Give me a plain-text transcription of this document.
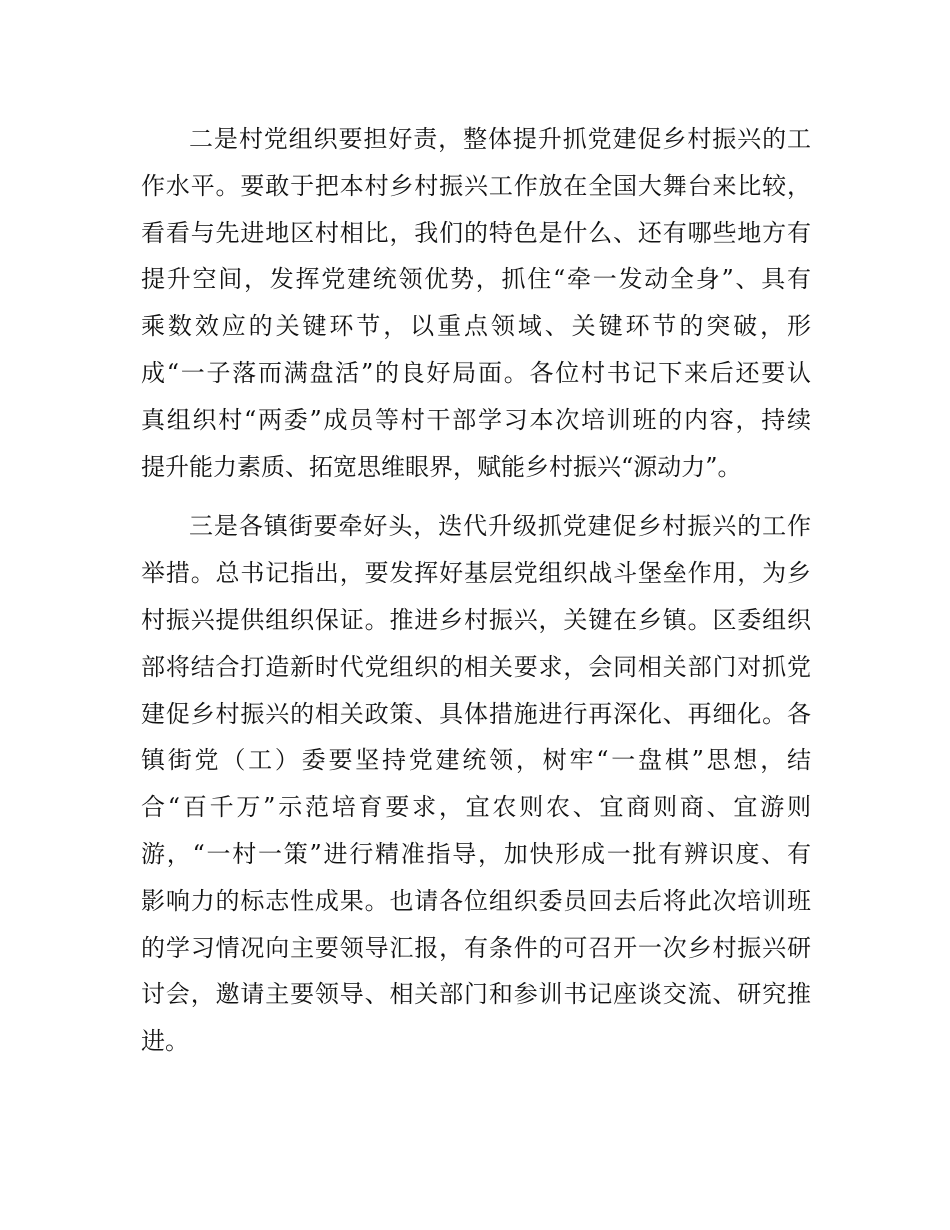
二是村党组织要担好责，整体提升抓党建促乡村振兴的工
作水平。要敢于把本村乡村振兴工作放在全国大舞台来比较，
看看与先进地区村相比，我们的特色是什么、还有哪些地方有
提升空间，发挥党建统领优势，抓住“牵一发动全身”、具有
乘数效应的关键环节，以重点领域、关键环节的突破，形
成“一子落而满盘活”的良好局面。各位村书记下来后还要认
真组织村“两委”成员等村干部学习本次培训班的内容，持续
提升能力素质、拓宽思维眼界，赋能乡村振兴“源动力”。
三是各镇街要牵好头，迭代升级抓党建促乡村振兴的工作
举措。总书记指出，要发挥好基层党组织战斗堡垒作用，为乡
村振兴提供组织保证。推进乡村振兴，关键在乡镇。区委组织
部将结合打造新时代党组织的相关要求，会同相关部门对抓党
建促乡村振兴的相关政策、具体措施进行再深化、再细化。各
镇街党（工）委要坚持党建统领，树牢“一盘棋”思想，结
合“百千万”示范培育要求，宜农则农、宜商则商、宜游则
游，“一村一策”进行精准指导，加快形成一批有辨识度、有
影响力的标志性成果。也请各位组织委员回去后将此次培训班
的学习情况向主要领导汇报，有条件的可召开一次乡村振兴研
讨会，邀请主要领导、相关部门和参训书记座谈交流、研究推
进。
